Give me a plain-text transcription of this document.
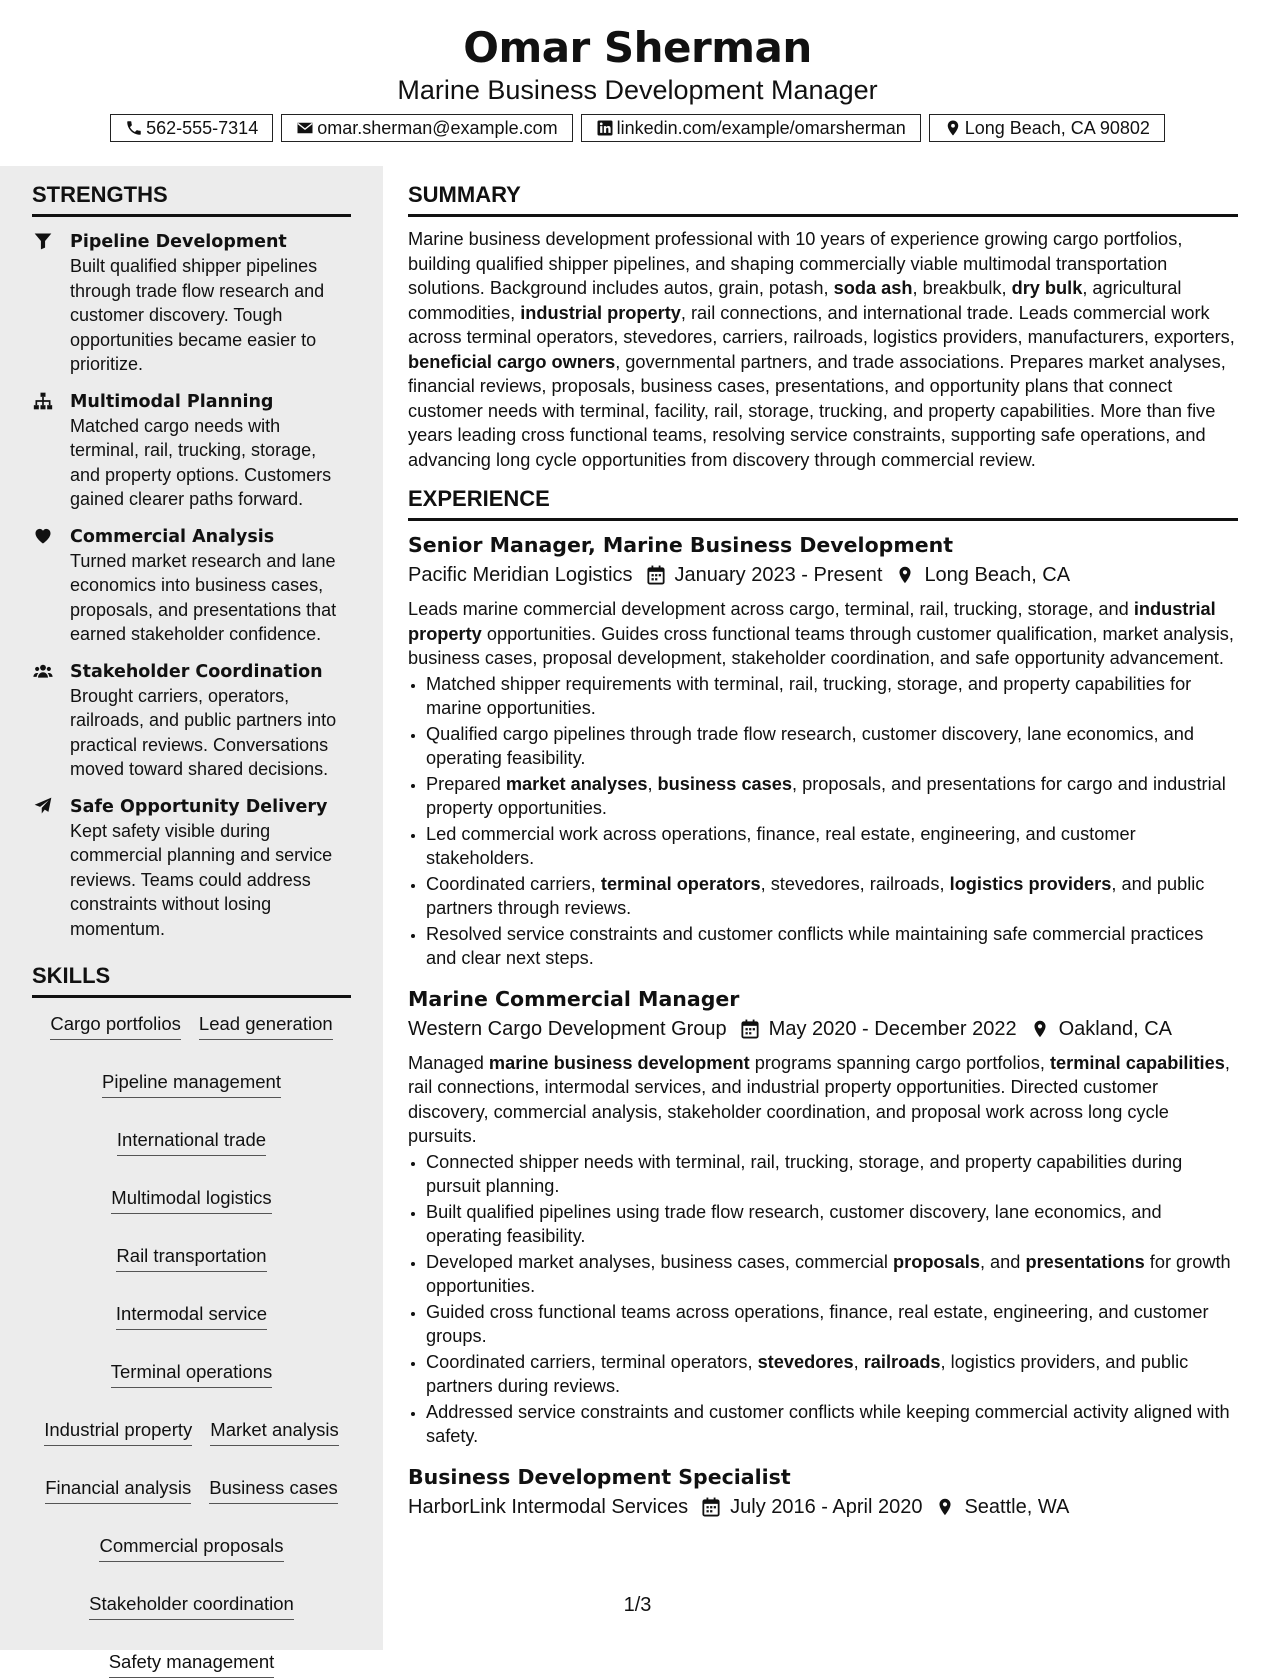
Omar Sherman
Marine Business Development Manager
562-555-7314	omar.sherman@example.com	linkedin.com/example/omarsherman	Long Beach, CA 90802
STRENGTHS
Pipeline Development
Built qualified shipper pipelines through trade flow research and customer discovery. Tough opportunities became easier to prioritize.
Multimodal Planning
Matched cargo needs with terminal, rail, trucking, storage, and property options. Customers gained clearer paths forward.
Commercial Analysis
Turned market research and lane economics into business cases, proposals, and presentations that earned stakeholder confidence.
Stakeholder Coordination
Brought carriers, operators, railroads, and public partners into practical reviews. Conversations moved toward shared decisions.
Safe Opportunity Delivery
Kept safety visible during commercial planning and service reviews. Teams could address constraints without losing momentum.
SKILLS
Cargo portfolios Lead generation
Pipeline management
International trade
Multimodal logistics
Rail transportation
Intermodal service
Terminal operations
Industrial property Market analysis
Financial analysis Business cases
Commercial proposals
Stakeholder coordination
Safety management
SUMMARY

Marine business development professional with 10 years of experience growing cargo portfolios, building qualified shipper pipelines, and shaping commercially viable multimodal transportation solutions. Background includes autos, grain, potash, soda ash, breakbulk, dry bulk, agricultural commodities, industrial property, rail connections, and international trade. Leads commercial work across terminal operators, stevedores, carriers, railroads, logistics providers, manufacturers, exporters, beneficial cargo owners, governmental partners, and trade associations. Prepares market analyses, financial reviews, proposals, business cases, presentations, and opportunity plans that connect customer needs with terminal, facility, rail, storage, trucking, and property capabilities. More than five years leading cross functional teams, resolving service constraints, supporting safe operations, and advancing long cycle opportunities from discovery through commercial review.

EXPERIENCE
Senior Manager, Marine Business Development
Pacific Meridian Logistics January 2023 - Present Long Beach, CA

Leads marine commercial development across cargo, terminal, rail, trucking, storage, and industrial property opportunities. Guides cross functional teams through customer qualification, market analysis, business cases, proposal development, stakeholder coordination, and safe opportunity advancement.

• Matched shipper requirements with terminal, rail, trucking, storage, and property capabilities for marine opportunities.
• Qualified cargo pipelines through trade flow research, customer discovery, lane economics, and operating feasibility.
• Prepared market analyses, business cases, proposals, and presentations for cargo and industrial property opportunities.
• Led commercial work across operations, finance, real estate, engineering, and customer stakeholders.
• Coordinated carriers, terminal operators, stevedores, railroads, logistics providers, and public partners through reviews.
• Resolved service constraints and customer conflicts while maintaining safe commercial practices and clear next steps.
Marine Commercial Manager
Western Cargo Development Group May 2020 - December 2022 Oakland, CA

Managed marine business development programs spanning cargo portfolios, terminal capabilities, rail connections, intermodal services, and industrial property opportunities. Directed customer discovery, commercial analysis, stakeholder coordination, and proposal work across long cycle pursuits.

• Connected shipper needs with terminal, rail, trucking, storage, and property capabilities during pursuit planning.
• Built qualified pipelines using trade flow research, customer discovery, lane economics, and operating feasibility.
• Developed market analyses, business cases, commercial proposals, and presentations for growth opportunities.
• Guided cross functional teams across operations, finance, real estate, engineering, and customer groups.
• Coordinated carriers, terminal operators, stevedores, railroads, logistics providers, and public partners during reviews.
• Addressed service constraints and customer conflicts while keeping commercial activity aligned with safety.
Business Development Specialist
HarborLink Intermodal Services July 2016 - April 2020 Seattle, WA
1/3
